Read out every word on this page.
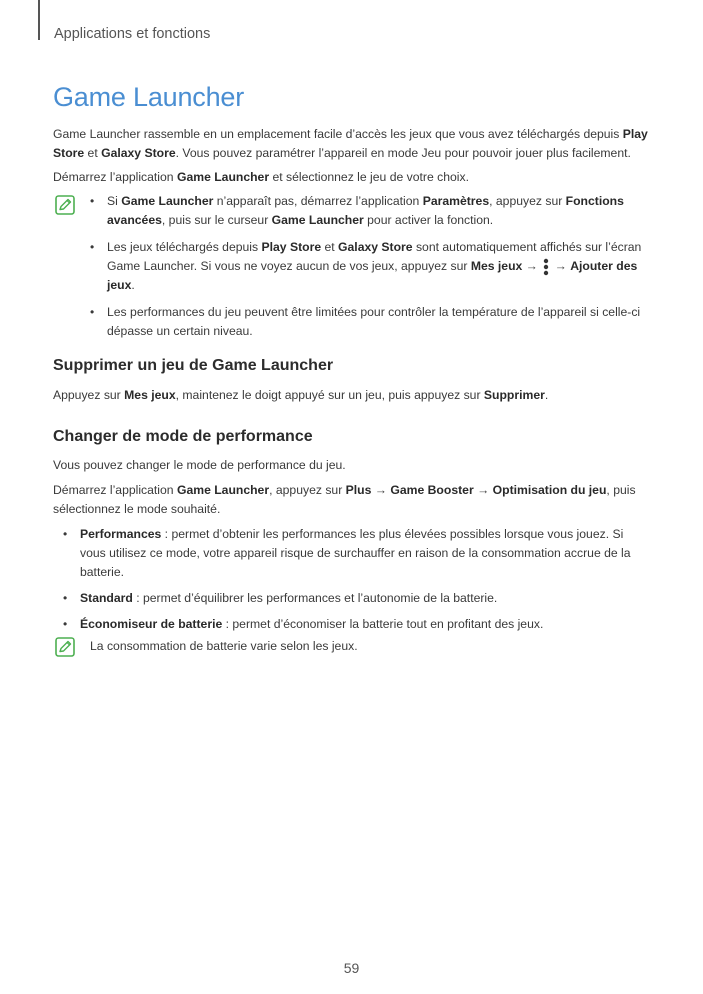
Applications et fonctions
Game Launcher

Game Launcher rassemble en un emplacement facile d’accès les jeux que vous avez téléchargés depuis Play Store et Galaxy Store. Vous pouvez paramétrer l’appareil en mode Jeu pour pouvoir jouer plus facilement.

Démarrez l’application Game Launcher et sélectionnez le jeu de votre choix.

• Si Game Launcher n’apparaît pas, démarrez l’application Paramètres, appuyez sur Fonctions avancées, puis sur le curseur Game Launcher pour activer la fonction.
• Les jeux téléchargés depuis Play Store et Galaxy Store sont automatiquement affichés sur l’écran Game Launcher. Si vous ne voyez aucun de vos jeux, appuyez sur Mes jeux →
→ Ajouter des jeux.
• Les performances du jeu peuvent être limitées pour contrôler la température de l’appareil si celle-ci dépasse un certain niveau.
Supprimer un jeu de Game Launcher

Appuyez sur Mes jeux, maintenez le doigt appuyé sur un jeu, puis appuyez sur Supprimer.

Changer de mode de performance

Vous pouvez changer le mode de performance du jeu.

Démarrez l’application Game Launcher, appuyez sur Plus → Game Booster → Optimisation du jeu, puis sélectionnez le mode souhaité.

• Performances : permet d’obtenir les performances les plus élevées possibles lorsque vous jouez. Si vous utilisez ce mode, votre appareil risque de surchauffer en raison de la consommation accrue de la batterie.
• Standard : permet d’équilibrer les performances et l’autonomie de la batterie.
• Économiseur de batterie : permet d’économiser la batterie tout en profitant des jeux.

La consommation de batterie varie selon les jeux.

59
